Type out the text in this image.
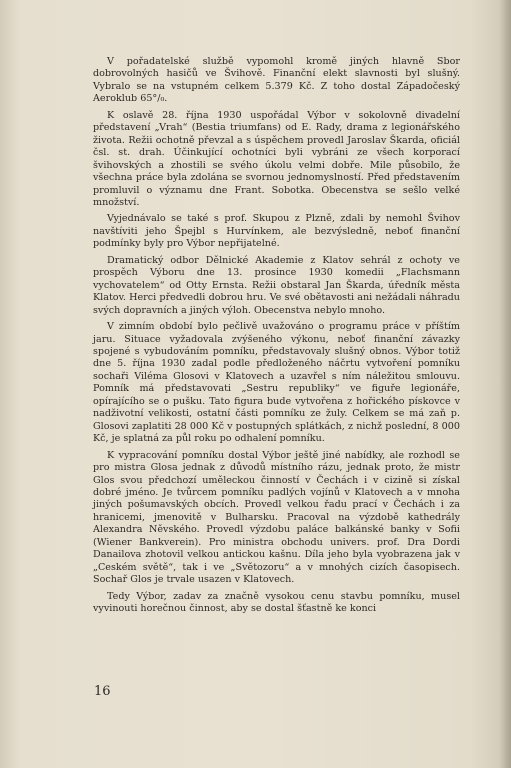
V pořadatelské službě vypomohl kromě jiných hlavně Sbor dobrovolných hasičů ve Švihově. Finanční elekt slavnosti byl slušný. Vybralo se na vstupném celkem 5.379 Kč. Z toho dostal Západočeský Aeroklub 65°/₀.

K oslavě 28. října 1930 uspořádal Výbor v sokolovně divadelní představení „Vrah“ (Bestia triumfans) od E. Rady, drama z legionářského života. Režii ochotně převzal a s úspěchem provedl Jaroslav Škarda, oficiál čsl. st. drah. Účinkující ochotníci byli vybráni ze všech korporací švihovských a zhostili se svého úkolu velmi dobře. Mile působilo, že všechna práce byla zdolána se svornou jednomyslností. Před představením promluvil o významu dne Frant. Sobotka. Obecenstva se sešlo velké množství.

Vyjednávalo se také s prof. Skupou z Plzně, zdali by nemohl Švihov navštíviti jeho Špejbl s Hurvínkem, ale bezvýsledně, neboť finanční podmínky byly pro Výbor nepřijatelné.

Dramatický odbor Dělnické Akademie z Klatov sehrál z ochoty ve prospěch Výboru dne 13. prosince 1930 komedii „Flachsmann vychovatelem“ od Otty Ernsta. Režii obstaral Jan Škarda, úředník města Klatov. Herci předvedli dobrou hru. Ve své obětavosti ani nežádali náhradu svých dopravních a jiných výloh. Obecenstva nebylo mnoho.

V zimním období bylo pečlivě uvažováno o programu práce v příštím jaru. Situace vyžadovala zvýšeného výkonu, neboť finanční závazky spojené s vybudováním pomníku, představovaly slušný obnos. Výbor totiž dne 5. října 1930 zadal podle předloženého náčrtu vytvoření pomníku sochaři Viléma Glosovi v Klatovech a uzavřel s ním náležitou smlouvu. Pomník má představovati „Sestru republiky“ ve figuře legionáře, opírajícího se o pušku. Tato figura bude vytvořena z hořického pískovce v nadživotní velikosti, ostatní části pomníku ze žuly. Celkem se má zaň p. Glosovi zaplatiti 28 000 Kč v postupných splátkách, z nichž poslední, 8 000 Kč, je splatná za půl roku po odhalení pomníku.

K vypracování pomníku dostal Výbor ještě jiné nabídky, ale rozhodl se pro mistra Glosa jednak z důvodů místního rázu, jednak proto, že mistr Glos svou předchozí uměleckou činností v Čechách i v cizině si získal dobré jméno. Je tvůrcem pomníku padlých vojínů v Klatovech a v mnoha jiných pošumavských obcích. Provedl velkou řadu prací v Čechách i za hranicemi, jmenovitě v Bulharsku. Pracoval na výzdobě kathedrály Alexandra Něvského. Provedl výzdobu paláce balkánské banky v Sofii (Wiener Bankverein). Pro ministra obchodu univers. prof. Dra Dordi Danailova zhotovil velkou antickou kašnu. Díla jeho byla vyobrazena jak v „Ceském světě“, tak i ve „Světozoru“ a v mnohých cizích časopisech. Sochař Glos je trvale usazen v Klatovech.

Tedy Výbor, zadav za značně vysokou cenu stavbu pomníku, musel vyvinouti horečnou činnost, aby se dostal šťastně ke konci

16
